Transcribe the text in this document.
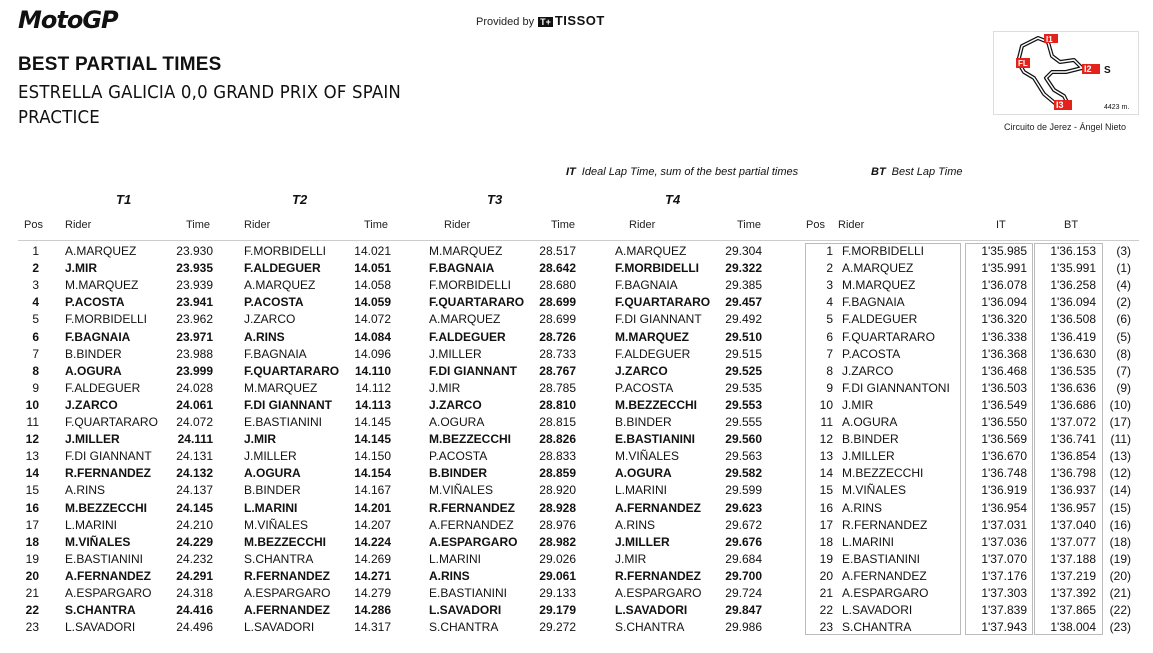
MotoGP	Provided by T+ TISSOT
BEST PARTIAL TIMES
ESTRELLA GALICIA 0,0 GRAND PRIX OF SPAIN
PRACTICE
I1
I2
I3
FL
S
4423 m.
Circuito de Jerez - Ángel Nieto
IT Ideal Lap Time, sum of the best partial times	BT Best Lap Time
T1	T2	T3	T4
Pos Rider	Time	Rider	Time	Rider	Time	Rider	Time	Pos Rider	IT	BT
1 A.MARQUEZ	23.930	F.MORBIDELLI	14.021	M.MARQUEZ	28.517	A.MARQUEZ	29.304	1 F.MORBIDELLI	1'35.985	1'36.153	(3)
2 J.MIR	23.935	F.ALDEGUER	14.051	F.BAGNAIA	28.642	F.MORBIDELLI	29.322	2 A.MARQUEZ	1'35.991	1'35.991	(1)
3 M.MARQUEZ	23.939	A.MARQUEZ	14.058	F.MORBIDELLI	28.680	F.BAGNAIA	29.385	3 M.MARQUEZ	1'36.078	1'36.258	(4)
4 P.ACOSTA	23.941	P.ACOSTA	14.059	F.QUARTARARO	28.699	F.QUARTARARO	29.457	4 F.BAGNAIA	1'36.094	1'36.094	(2)
5 F.MORBIDELLI	23.962	J.ZARCO	14.072	A.MARQUEZ	28.699	F.DI GIANNANT	29.492	5 F.ALDEGUER	1'36.320	1'36.508	(6)
6 F.BAGNAIA	23.971	A.RINS	14.084	F.ALDEGUER	28.726	M.MARQUEZ	29.510	6 F.QUARTARARO	1'36.338	1'36.419	(5)
7 B.BINDER	23.988	F.BAGNAIA	14.096	J.MILLER	28.733	F.ALDEGUER	29.515	7 P.ACOSTA	1'36.368	1'36.630	(8)
8 A.OGURA	23.999	F.QUARTARARO	14.110	F.DI GIANNANT	28.767	J.ZARCO	29.525	8 J.ZARCO	1'36.468	1'36.535	(7)
9 F.ALDEGUER	24.028	M.MARQUEZ	14.112	J.MIR	28.785	P.ACOSTA	29.535	9 F.DI GIANNANTONI	1'36.503	1'36.636	(9)
10 J.ZARCO	24.061	F.DI GIANNANT	14.113	J.ZARCO	28.810	M.BEZZECCHI	29.553	10 J.MIR	1'36.549	1'36.686	(10)
11 F.QUARTARARO	24.072	E.BASTIANINI	14.145	A.OGURA	28.815	B.BINDER	29.555	11 A.OGURA	1'36.550	1'37.072	(17)
12 J.MILLER	24.111	J.MIR	14.145	M.BEZZECCHI	28.826	E.BASTIANINI	29.560	12 B.BINDER	1'36.569	1'36.741	(11)
13 F.DI GIANNANT	24.131	J.MILLER	14.150	P.ACOSTA	28.833	M.VIÑALES	29.563	13 J.MILLER	1'36.670	1'36.854	(13)
14 R.FERNANDEZ	24.132	A.OGURA	14.154	B.BINDER	28.859	A.OGURA	29.582	14 M.BEZZECCHI	1'36.748	1'36.798	(12)
15 A.RINS	24.137	B.BINDER	14.167	M.VIÑALES	28.920	L.MARINI	29.599	15 M.VIÑALES	1'36.919	1'36.937	(14)
16 M.BEZZECCHI	24.145	L.MARINI	14.201	R.FERNANDEZ	28.928	A.FERNANDEZ	29.623	16 A.RINS	1'36.954	1'36.957	(15)
17 L.MARINI	24.210	M.VIÑALES	14.207	A.FERNANDEZ	28.976	A.RINS	29.672	17 R.FERNANDEZ	1'37.031	1'37.040	(16)
18 M.VIÑALES	24.229	M.BEZZECCHI	14.224	A.ESPARGARO	28.982	J.MILLER	29.676	18 L.MARINI	1'37.036	1'37.077	(18)
19 E.BASTIANINI	24.232	S.CHANTRA	14.269	L.MARINI	29.026	J.MIR	29.684	19 E.BASTIANINI	1'37.070	1'37.188	(19)
20 A.FERNANDEZ	24.291	R.FERNANDEZ	14.271	A.RINS	29.061	R.FERNANDEZ	29.700	20 A.FERNANDEZ	1'37.176	1'37.219	(20)
21 A.ESPARGARO	24.318	A.ESPARGARO	14.279	E.BASTIANINI	29.133	A.ESPARGARO	29.724	21 A.ESPARGARO	1'37.303	1'37.392	(21)
22 S.CHANTRA	24.416	A.FERNANDEZ	14.286	L.SAVADORI	29.179	L.SAVADORI	29.847	22 L.SAVADORI	1'37.839	1'37.865	(22)
23 L.SAVADORI	24.496	L.SAVADORI	14.317	S.CHANTRA	29.272	S.CHANTRA	29.986	23 S.CHANTRA	1'37.943	1'38.004	(23)
